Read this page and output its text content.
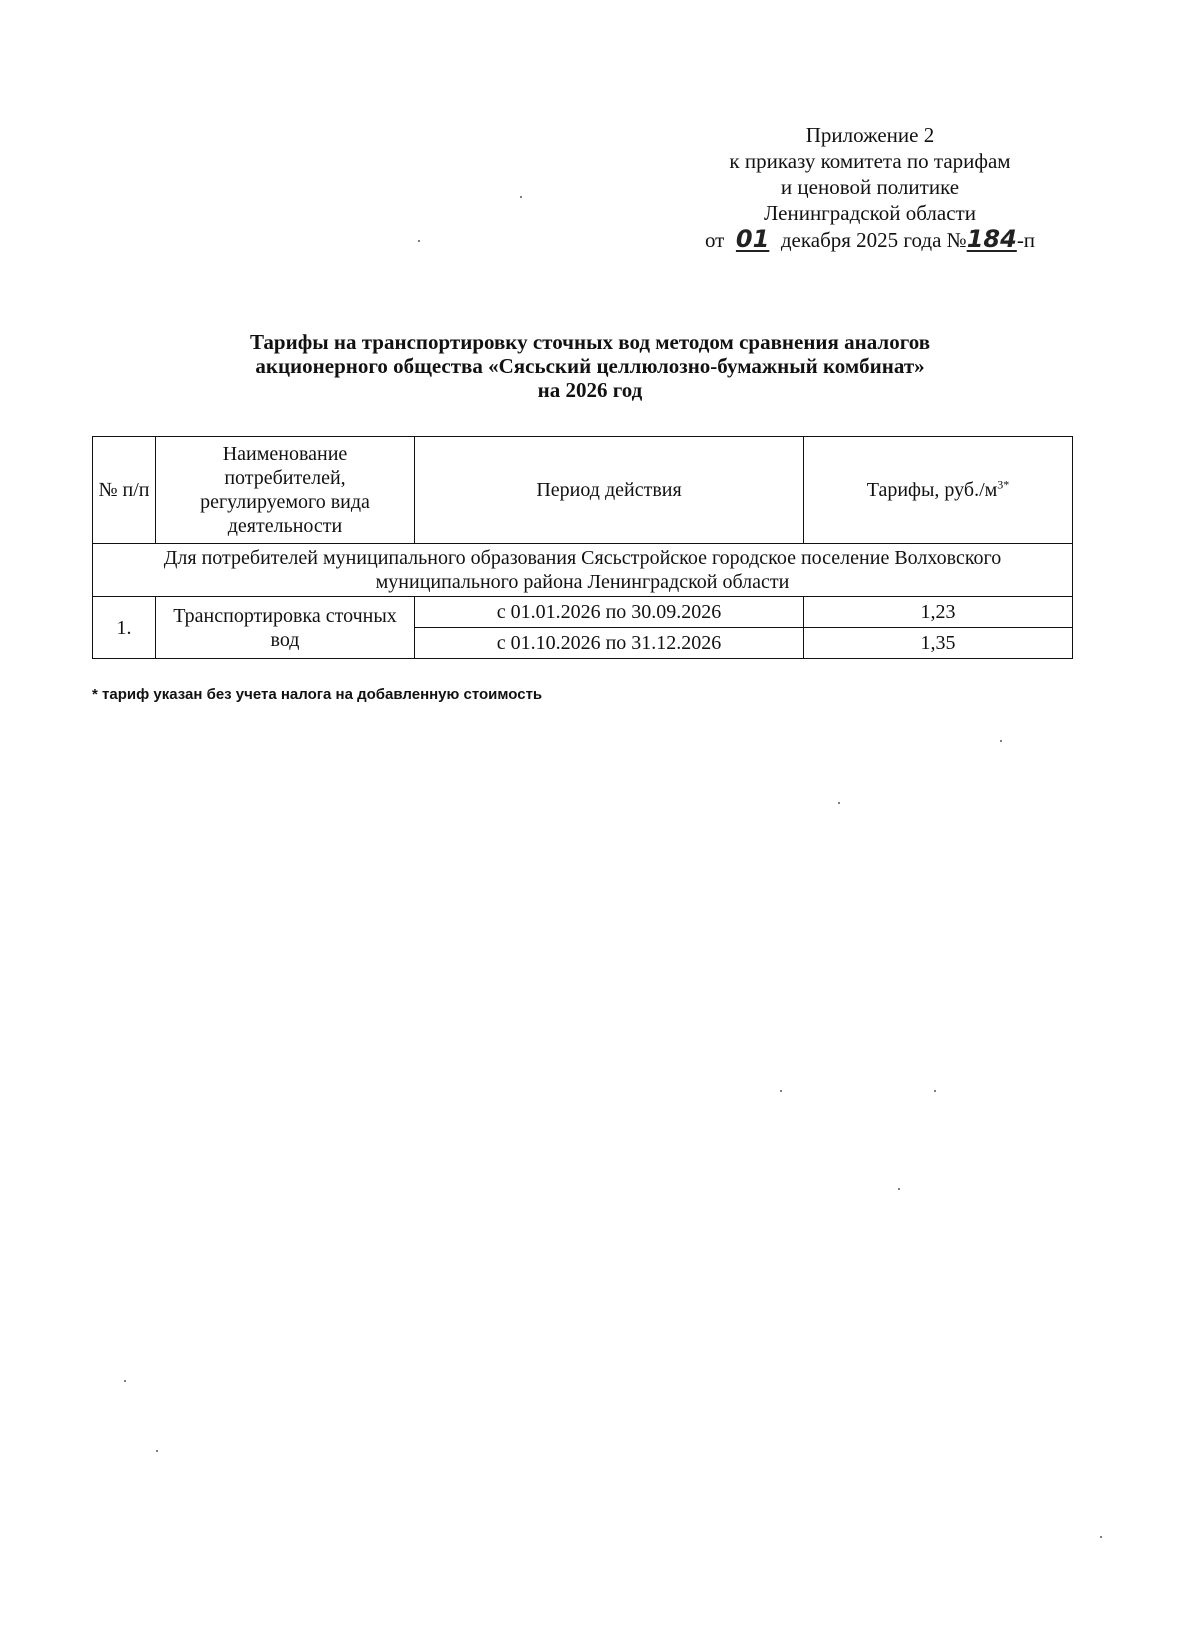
Приложение 2
к приказу комитета по тарифам
и ценовой политике
Ленинградской области
от 01 декабря 2025 года №184-п
Тарифы на транспортировку сточных вод методом сравнения аналогов
акционерного общества «Сясьский целлюлозно-бумажный комбинат»
на 2026 год
№ п/п	Наименование потребителей, регулируемого вида деятельности	Период действия	Тарифы, $руб./м^{3*}$
Для потребителей муниципального образования Сясьстройское городское поселение Волховского муниципального района Ленинградской области			
1.	Транспортировка сточных вод	с 01.01.2026 по 30.09.2026	1,23
		с 01.10.2026 по 31.12.2026	1,35
* тариф указан без учета налога на добавленную стоимость
